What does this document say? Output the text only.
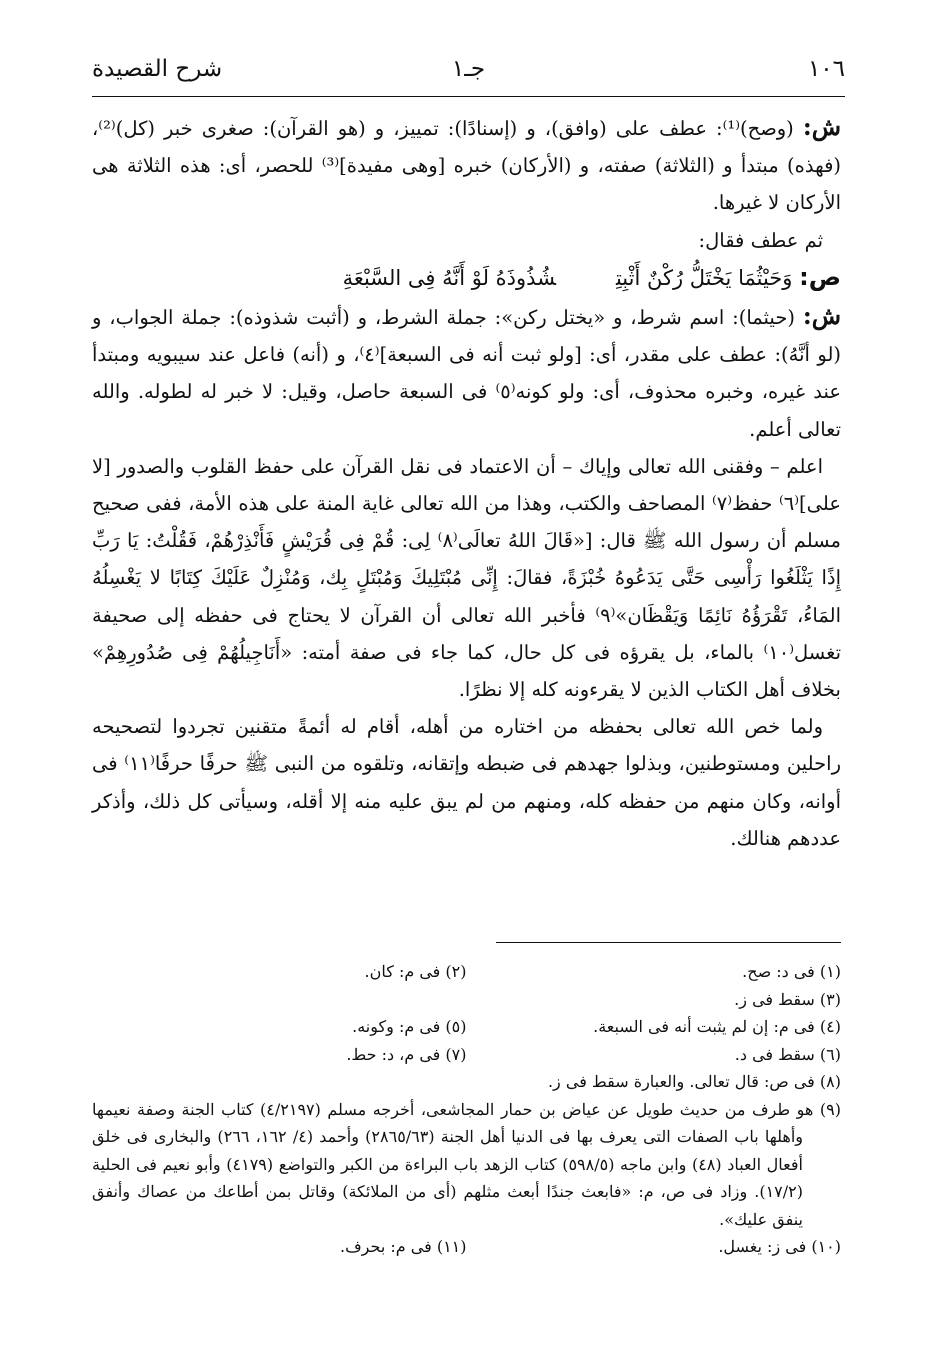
١٠٦
جـ١
شرح القصيدة

ش: (وصح)⁽¹⁾: عطف على (وافق)، و (إسنادًا): تمييز، و (هو القرآن): صغرى خبر (كل)⁽²⁾، (فهذه) مبتدأ و (الثلاثة) صفته، و (الأركان) خبره [وهى مفيدة]⁽³⁾ للحصر، أى: هذه الثلاثة هى الأركان لا غيرها.

ثم عطف فقال:

ص: وَحَيْثُمَا يَخْتَلُّ رُكْنٌ أَثْبِتِشُذُوذَهُ لَوْ أَنَّهُ فِى السَّبْعَةِ

ش: (حيثما): اسم شرط، و «يختل ركن»: جملة الشرط، و (أثبت شذوذه): جملة الجواب، و (لو أنَّهُ): عطف على مقدر، أى: [ولو ثبت أنه فى السبعة]⁽٤⁾، و (أنه) فاعل عند سيبويه ومبتدأ عند غيره، وخبره محذوف، أى: ولو كونه⁽٥⁾ فى السبعة حاصل، وقيل: لا خبر له لطوله. والله تعالى أعلم.

اعلم – وفقنى الله تعالى وإياك – أن الاعتماد فى نقل القرآن على حفظ القلوب والصدور [لا على]⁽٦⁾ حفظ⁽٧⁾ المصاحف والكتب، وهذا من الله تعالى غاية المنة على هذه الأمة، ففى صحيح مسلم أن رسول الله ﷺ قال: [«قَالَ اللهُ تعالَى⁽٨⁾ لِى: قُمْ فِى قُرَيْشٍ فَأَنْذِرْهُمْ، فَقُلْتُ: يَا رَبِّ إِذًا يَثْلَغُوا رَأْسِى حَتَّى يَدَعُوهُ خُبْزَةً، فقالَ: إِنِّى مُبْتَلِيكَ وَمُبْتَلٍ بِك، وَمُنْزِلٌ عَلَيْكَ كِتَابًا لا يَغْسِلُهُ المَاءُ، تَقْرَؤُهُ نَائِمًا وَيَقْظَان»⁽٩⁾ فأخبر الله تعالى أن القرآن لا يحتاج فى حفظه إلى صحيفة تغسل⁽١٠⁾ بالماء، بل يقرؤه فى كل حال، كما جاء فى صفة أمته: «أَنَاجِيلُهُمْ فِى صُدُورِهِمْ» بخلاف أهل الكتاب الذين لا يقرءونه كله إلا نظرًا.

ولما خص الله تعالى بحفظه من اختاره من أهله، أقام له أئمةً متقنين تجردوا لتصحيحه راحلين ومستوطنين، وبذلوا جهدهم فى ضبطه وإتقانه، وتلقوه من النبى ﷺ حرفًا حرفًا⁽١١⁾ فى أوانه، وكان منهم من حفظه كله، ومنهم من لم يبق عليه منه إلا أقله، وسيأتى كل ذلك، وأذكر عددهم هنالك.

(١) فى د: صح.
(٢) فى م: كان.
(٣) سقط فى ز.
(٤) فى م: إن لم يثبت أنه فى السبعة.
(٥) فى م: وكونه.
(٦) سقط فى د.
(٧) فى م، د: حط.
(٨) فى ص: قال تعالى. والعبارة سقط فى ز.
(٩) هو طرف من حديث طويل عن عياض بن حمار المجاشعى، أخرجه مسلم (٤/٢١٩٧) كتاب الجنة وصفة نعيمها وأهلها باب الصفات التى يعرف بها فى الدنيا أهل الجنة (٢٨٦٥/٦٣) وأحمد (٤/ ١٦٢، ٢٦٦) والبخارى فى خلق أفعال العباد (٤٨) وابن ماجه (٥٩٨/٥) كتاب الزهد باب البراءة من الكبر والتواضع (٤١٧٩) وأبو نعيم فى الحلية (١٧/٢). وزاد فى ص، م: «فابعث جندًا أبعث مثلهم (أى من الملائكة) وقاتل بمن أطاعك من عصاك وأنفق ينفق عليك».
(١٠) فى ز: يغسل.
(١١) فى م: بحرف.
